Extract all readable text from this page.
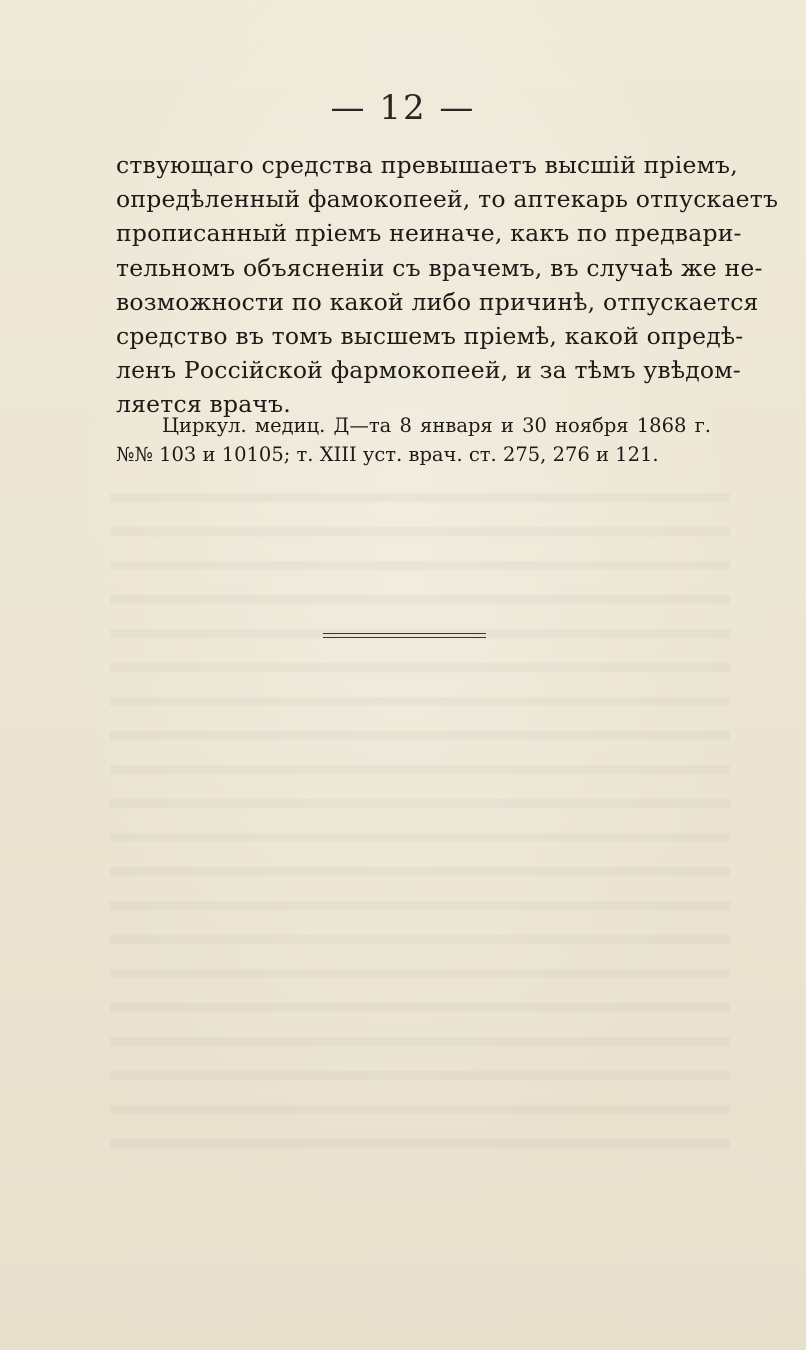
— 12 —
ствующаго средства превышаетъ высшій пріемъ,
опредѣленный фамокопеей, то аптекарь отпускаетъ
прописанный пріемъ неиначе, какъ по предвари-
тельномъ объясненіи съ врачемъ, въ случаѣ же не-
возможности по какой либо причинѣ, отпускается
средство въ томъ высшемъ пріемѣ, какой опредѣ-
ленъ Россійской фармокопеей, и за тѣмъ увѣдом-
ляется врачъ.
Циркул. медиц. Д—та 8 января и 30 ноября 1868 г.
№№ 103 и 10105; т. XIII уст. врач. ст. 275, 276 и 121.
